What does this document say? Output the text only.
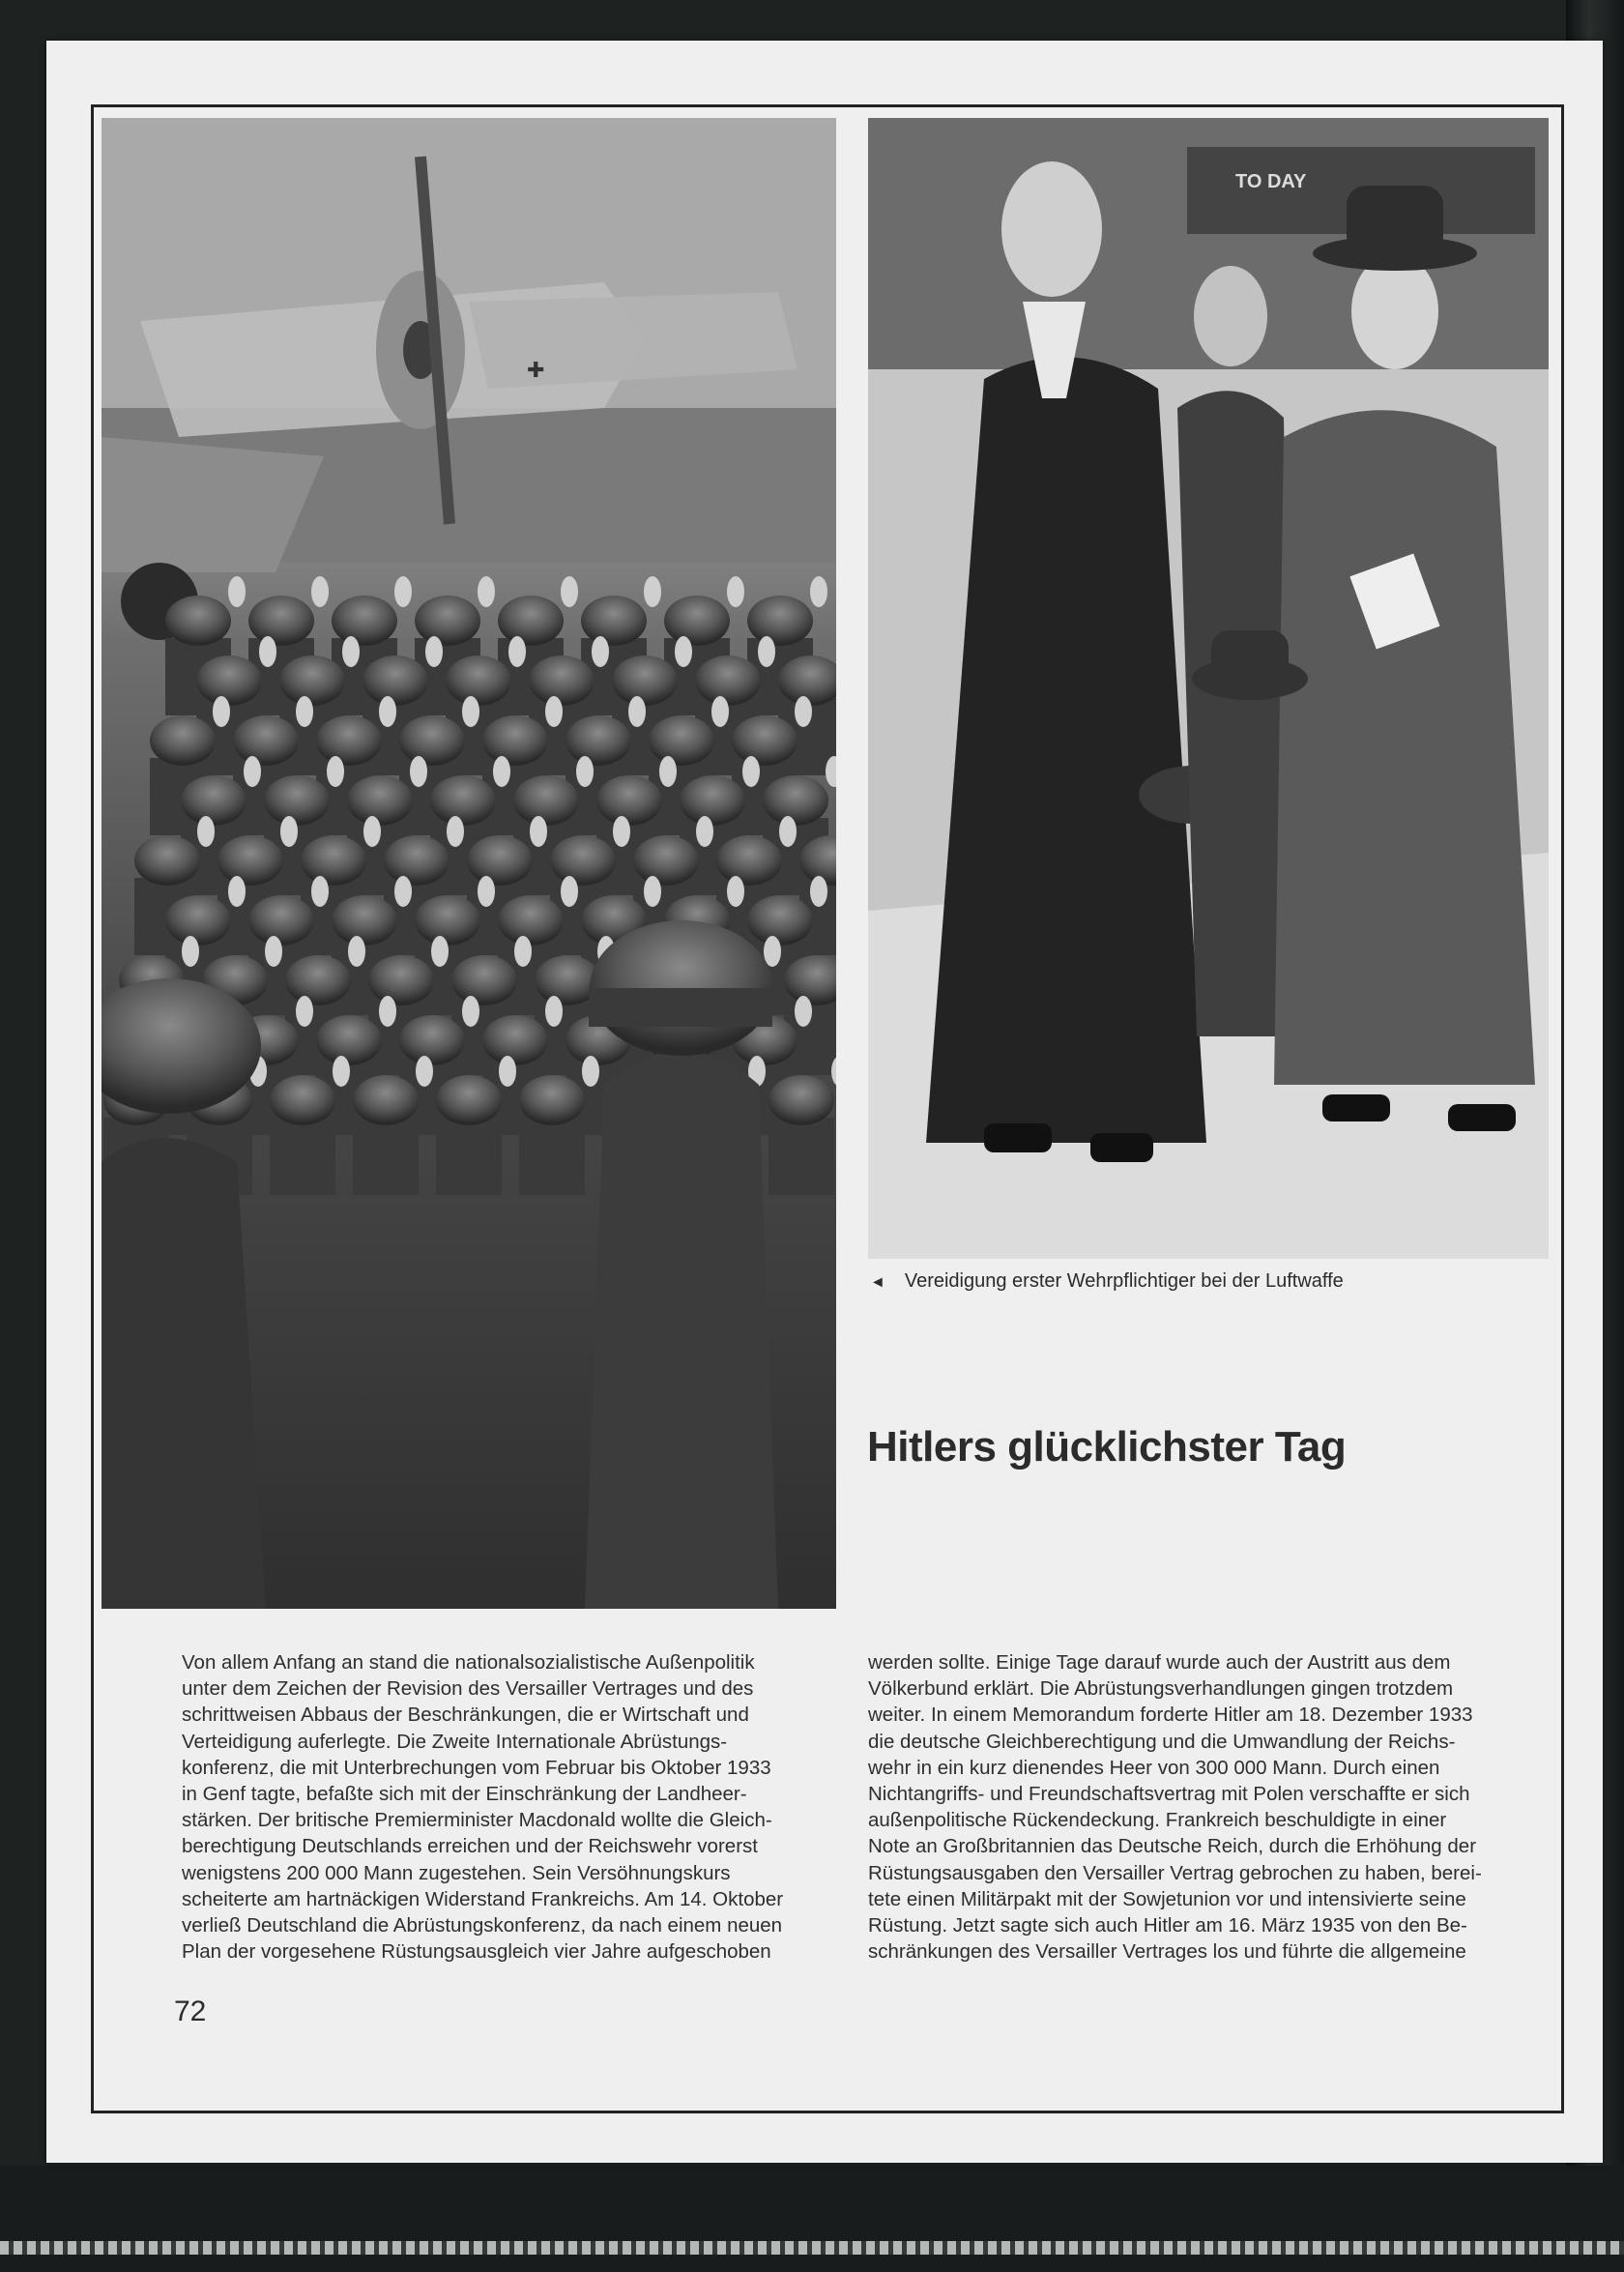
✚
TO DAY
◄ Vereidigung erster Wehrpflichtiger bei der Luftwaffe
Hitlers glücklichster Tag

Von allem Anfang an stand die nationalsozialistische Außenpolitik

unter dem Zeichen der Revision des Versailler Vertrages und des

schrittweisen Abbaus der Beschränkungen, die er Wirtschaft und

Verteidigung auferlegte. Die Zweite Internationale Abrüstungs-

konferenz, die mit Unterbrechungen vom Februar bis Oktober 1933

in Genf tagte, befaßte sich mit der Einschränkung der Landheer-

stärken. Der britische Premierminister Macdonald wollte die Gleich-

berechtigung Deutschlands erreichen und der Reichswehr vorerst

wenigstens 200 000 Mann zugestehen. Sein Versöhnungskurs

scheiterte am hartnäckigen Widerstand Frankreichs. Am 14. Oktober

verließ Deutschland die Abrüstungskonferenz, da nach einem neuen

Plan der vorgesehene Rüstungsausgleich vier Jahre aufgeschoben

werden sollte. Einige Tage darauf wurde auch der Austritt aus dem

Völkerbund erklärt. Die Abrüstungsverhandlungen gingen trotzdem

weiter. In einem Memorandum forderte Hitler am 18. Dezember 1933

die deutsche Gleichberechtigung und die Umwandlung der Reichs-

wehr in ein kurz dienendes Heer von 300 000 Mann. Durch einen

Nichtangriffs- und Freundschaftsvertrag mit Polen verschaffte er sich

außenpolitische Rückendeckung. Frankreich beschuldigte in einer

Note an Großbritannien das Deutsche Reich, durch die Erhöhung der

Rüstungsausgaben den Versailler Vertrag gebrochen zu haben, berei-

tete einen Militärpakt mit der Sowjetunion vor und intensivierte seine

Rüstung. Jetzt sagte sich auch Hitler am 16. März 1935 von den Be-

schränkungen des Versailler Vertrages los und führte die allgemeine

72
